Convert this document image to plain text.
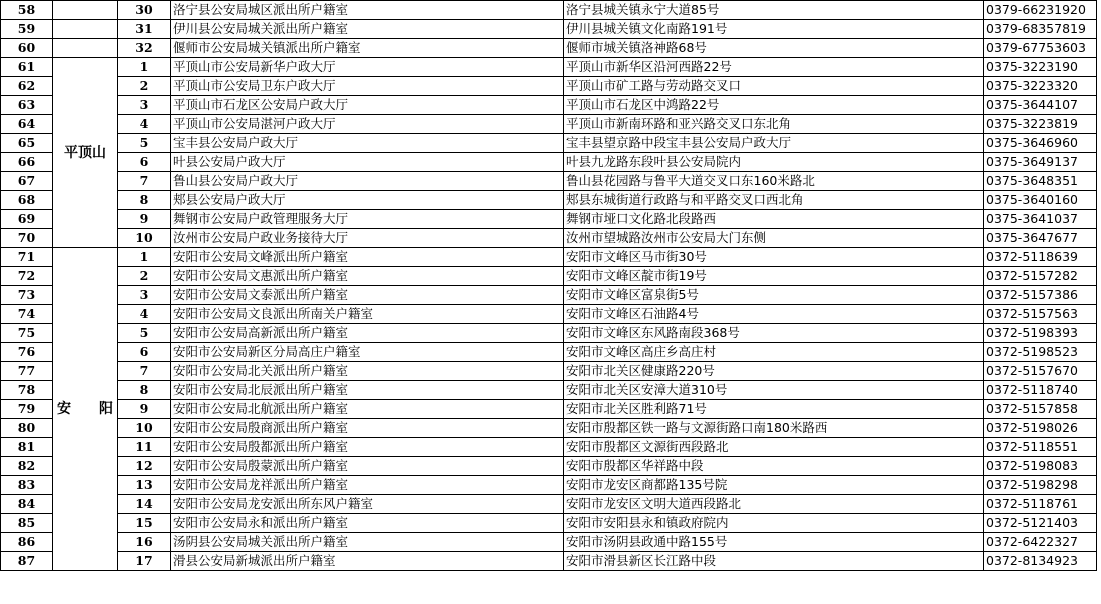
58		30	洛宁县公安局城区派出所户籍室	洛宁县城关镇永宁大道85号	0379-66231920
59		31	伊川县公安局城关派出所户籍室	伊川县城关镇文化南路191号	0379-68357819
60		32	偃师市公安局城关镇派出所户籍室	偃师市城关镇洛神路68号	0379-67753603
61	平顶山	1	平顶山市公安局新华户政大厅	平顶山市新华区沿河西路22号	0375-3223190
62		2	平顶山市公安局卫东户政大厅	平顶山市矿工路与劳动路交叉口	0375-3223320
63		3	平顶山市石龙区公安局户政大厅	平顶山市石龙区中鸿路22号	0375-3644107
64		4	平顶山市公安局湛河户政大厅	平顶山市新南环路和亚兴路交叉口东北角	0375-3223819
65		5	宝丰县公安局户政大厅	宝丰县望京路中段宝丰县公安局户政大厅	0375-3646960
66		6	叶县公安局户政大厅	叶县九龙路东段叶县公安局院内	0375-3649137
67		7	鲁山县公安局户政大厅	鲁山县花园路与鲁平大道交叉口东160米路北	0375-3648351
68		8	郏县公安局户政大厅	郏县东城街道行政路与和平路交叉口西北角	0375-3640160
69		9	舞钢市公安局户政管理服务大厅	舞钢市垭口文化路北段路西	0375-3641037
70		10	汝州市公安局户政业务接待大厅	汝州市望城路汝州市公安局大门东侧	0375-3647677
71	安　　阳	1	安阳市公安局文峰派出所户籍室	安阳市文峰区马市街30号	0372-5118639
72		2	安阳市公安局文惠派出所户籍室	安阳市文峰区靛市街19号	0372-5157282
73		3	安阳市公安局文泰派出所户籍室	安阳市文峰区富泉街5号	0372-5157386
74		4	安阳市公安局文良派出所南关户籍室	安阳市文峰区石油路4号	0372-5157563
75		5	安阳市公安局高新派出所户籍室	安阳市文峰区东风路南段368号	0372-5198393
76		6	安阳市公安局新区分局高庄户籍室	安阳市文峰区高庄乡高庄村	0372-5198523
77		7	安阳市公安局北关派出所户籍室	安阳市北关区健康路220号	0372-5157670
78		8	安阳市公安局北辰派出所户籍室	安阳市北关区安漳大道310号	0372-5118740
79		9	安阳市公安局北航派出所户籍室	安阳市北关区胜利路71号	0372-5157858
80		10	安阳市公安局殷商派出所户籍室	安阳市殷都区铁一路与文源街路口南180米路西	0372-5198026
81		11	安阳市公安局殷都派出所户籍室	安阳市殷都区文源街西段路北	0372-5118551
82		12	安阳市公安局殷蒙派出所户籍室	安阳市殷都区华祥路中段	0372-5198083
83		13	安阳市公安局龙祥派出所户籍室	安阳市龙安区商都路135号院	0372-5198298
84		14	安阳市公安局龙安派出所东风户籍室	安阳市龙安区文明大道西段路北	0372-5118761
85		15	安阳市公安局永和派出所户籍室	安阳市安阳县永和镇政府院内	0372-5121403
86		16	汤阴县公安局城关派出所户籍室	安阳市汤阴县政通中路155号	0372-6422327
87		17	滑县公安局新城派出所户籍室	安阳市滑县新区长江路中段	0372-8134923
